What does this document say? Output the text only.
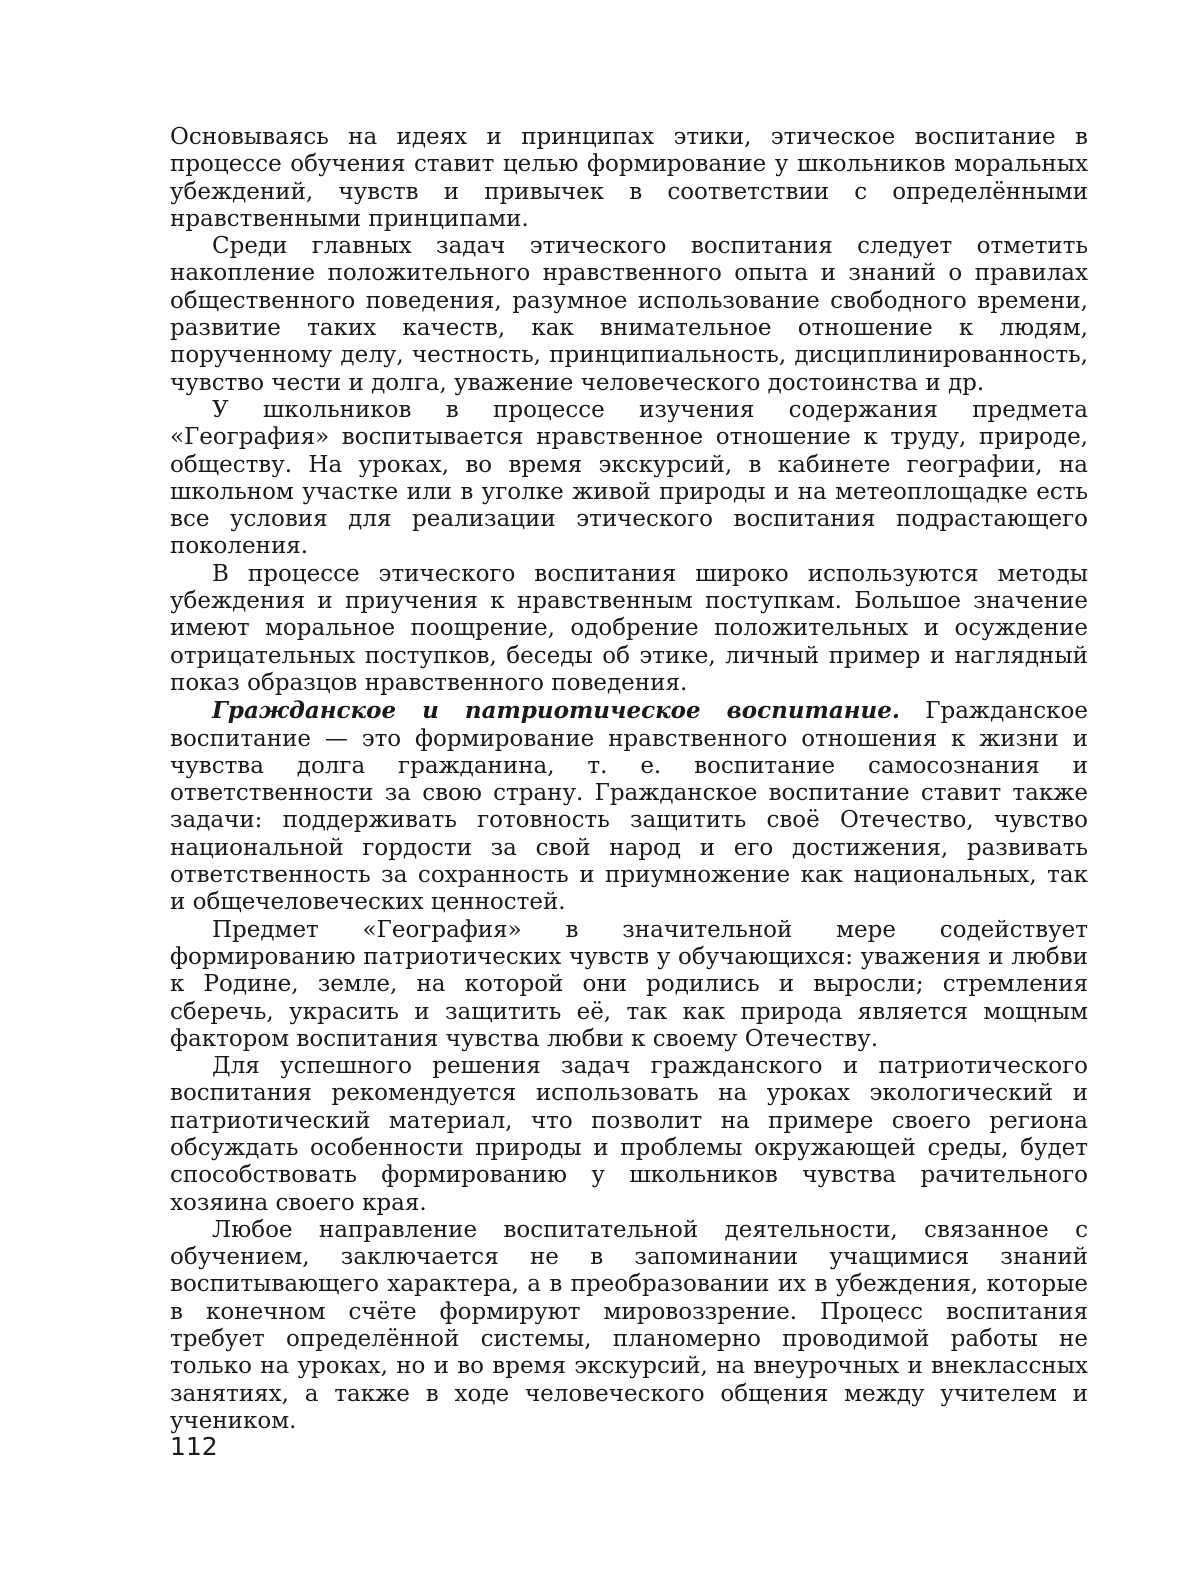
Основываясь на идеях и принципах этики, этическое воспитание в процессе обучения ставит целью формирование у школьников моральных убеждений, чувств и привычек в соответствии с определёнными нравственными принципами.

Среди главных задач этического воспитания следует отметить накопление положительного нравственного опыта и знаний о правилах общественного поведения, разумное использование свободного времени, развитие таких качеств, как внимательное отношение к людям, порученному делу, честность, принципиальность, дисциплинированность, чувство чести и долга, уважение человеческого достоинства и др.

У школьников в процессе изучения содержания предмета «География» воспитывается нравственное отношение к труду, природе, обществу. На уроках, во время экскурсий, в кабинете географии, на школьном участке или в уголке живой природы и на метеоплощадке есть все условия для реализации этического воспитания подрастающего поколения.

В процессе этического воспитания широко используются методы убеждения и приучения к нравственным поступкам. Большое значение имеют моральное поощрение, одобрение положительных и осуждение отрицательных поступков, беседы об этике, личный пример и наглядный показ образцов нравственного поведения.

Гражданское и патриотическое воспитание. Гражданское воспитание — это формирование нравственного отношения к жизни и чувства долга гражданина, т. е. воспитание самосознания и ответственности за свою страну. Гражданское воспитание ставит также задачи: поддерживать готовность защитить своё Отечество, чувство национальной гордости за свой народ и его достижения, развивать ответственность за сохранность и приумножение как национальных, так и общечеловеческих ценностей.

Предмет «География» в значительной мере содействует формированию патриотических чувств у обучающихся: уважения и любви к Родине, земле, на которой они родились и выросли; стремления сберечь, украсить и защитить её, так как природа является мощным фактором воспитания чувства любви к своему Отечеству.

Для успешного решения задач гражданского и патриотического воспитания рекомендуется использовать на уроках экологический и патриотический материал, что позволит на примере своего региона обсуждать особенности природы и проблемы окружающей среды, будет способствовать формированию у школьников чувства рачительного хозяина своего края.

Любое направление воспитательной деятельности, связанное с обучением, заключается не в запоминании учащимися знаний воспитывающего характера, а в преобразовании их в убеждения, которые в конечном счёте формируют мировоззрение. Процесс воспитания требует определённой системы, планомерно проводимой работы не только на уроках, но и во время экскурсий, на внеурочных и внеклассных занятиях, а также в ходе человеческого общения между учителем и учеником.

112
